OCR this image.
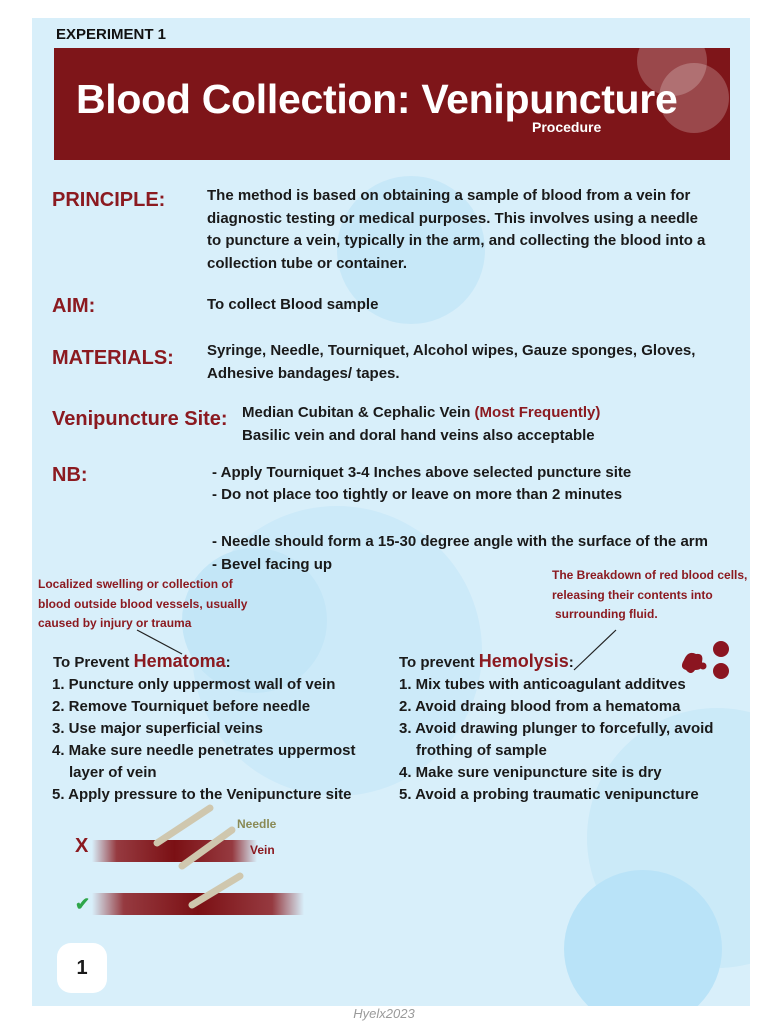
EXPERIMENT 1
Blood Collection: Venipuncture
Procedure
PRINCIPLE:	The method is based on obtaining a sample of blood from a vein for
diagnostic testing or medical purposes. This involves using a needle
to puncture a vein, typically in the arm, and collecting the blood into a
collection tube or container.
AIM:	To collect Blood sample
MATERIALS: Syringe, Needle, Tourniquet, Alcohol wipes, Gauze sponges, Gloves,
Adhesive bandages/ tapes.
Venipuncture Site: Median Cubitan & Cephalic Vein (Most Frequently)
Basilic vein and doral hand veins also acceptable
NB:	- Apply Tourniquet 3-4 Inches above selected puncture site
- Do not place too tightly or leave on more than 2 minutes
- Needle should form a 15-30 degree angle with the surface of the arm
- Bevel facing up
Localized swelling or collection of
blood outside blood vessels, usually
caused by injury or trauma
The Breakdown of red blood cells,
releasing their contents into
surrounding fluid.
To Prevent Hematoma:
1. Puncture only uppermost wall of vein
2. Remove Tourniquet before needle
3. Use major superficial veins
4. Make sure needle penetrates uppermost layer of vein
5. Apply pressure to the Venipuncture site
To prevent Hemolysis:
1. Mix tubes with anticoagulant additves
2. Avoid draing blood from a hematoma
3. Avoid drawing plunger to forcefully, avoid frothing of sample
4. Make sure venipuncture site is dry
5. Avoid a probing traumatic venipuncture
X
✔
Needle
Vein
1
Hyelx2023
